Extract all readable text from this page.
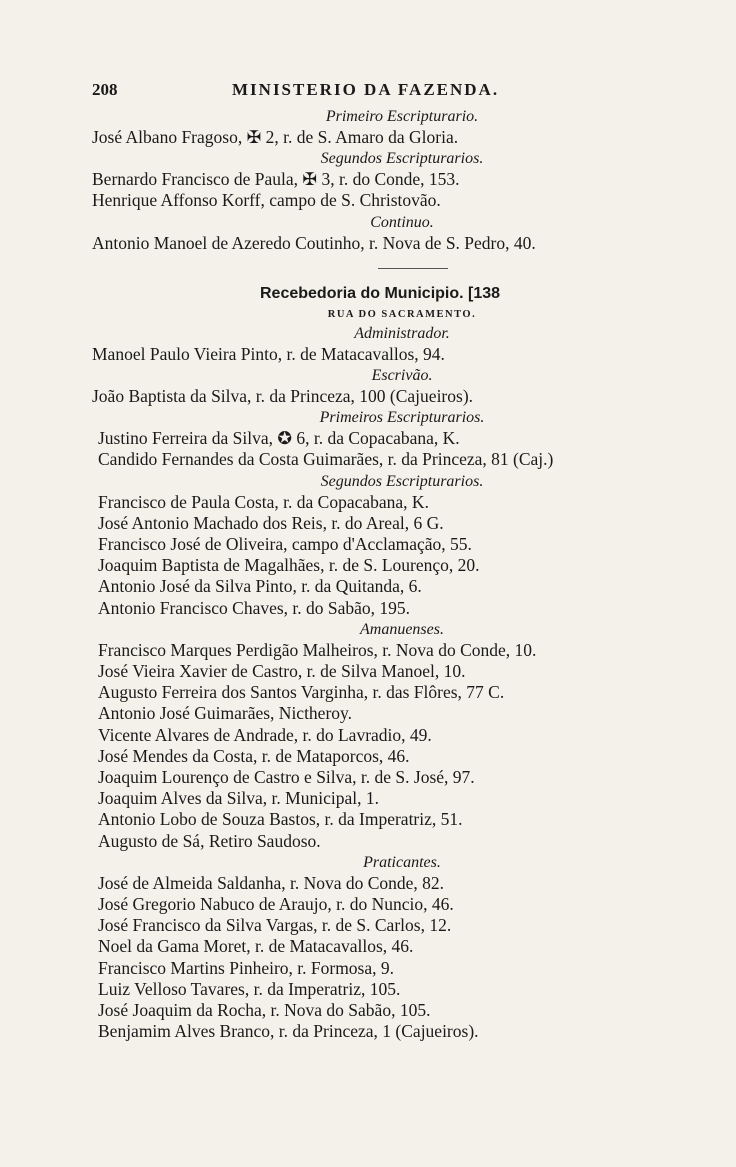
208	MINISTERIO DA FAZENDA.
Primeiro Escripturario.
José Albano Fragoso, ✠ 2, r. de S. Amaro da Gloria.
Segundos Escripturarios.
Bernardo Francisco de Paula, ✠ 3, r. do Conde, 153.
Henrique Affonso Korff, campo de S. Christovão.
Continuo.
Antonio Manoel de Azeredo Coutinho, r. Nova de S. Pedro, 40.
Recebedoria do Municipio. [138
RUA DO SACRAMENTO.
Administrador.
Manoel Paulo Vieira Pinto, r. de Matacavallos, 94.
Escrivão.
João Baptista da Silva, r. da Princeza, 100 (Cajueiros).
Primeiros Escripturarios.
Justino Ferreira da Silva, ✪ 6, r. da Copacabana, K.
Candido Fernandes da Costa Guimarães, r. da Princeza, 81 (Caj.)
Segundos Escripturarios.
Francisco de Paula Costa, r. da Copacabana, K.
José Antonio Machado dos Reis, r. do Areal, 6 G.
Francisco José de Oliveira, campo d'Acclamação, 55.
Joaquim Baptista de Magalhães, r. de S. Lourenço, 20.
Antonio José da Silva Pinto, r. da Quitanda, 6.
Antonio Francisco Chaves, r. do Sabão, 195.
Amanuenses.
Francisco Marques Perdigão Malheiros, r. Nova do Conde, 10.
José Vieira Xavier de Castro, r. de Silva Manoel, 10.
Augusto Ferreira dos Santos Varginha, r. das Flôres, 77 C.
Antonio José Guimarães, Nictheroy.
Vicente Alvares de Andrade, r. do Lavradio, 49.
José Mendes da Costa, r. de Mataporcos, 46.
Joaquim Lourenço de Castro e Silva, r. de S. José, 97.
Joaquim Alves da Silva, r. Municipal, 1.
Antonio Lobo de Souza Bastos, r. da Imperatriz, 51.
Augusto de Sá, Retiro Saudoso.
Praticantes.
José de Almeida Saldanha, r. Nova do Conde, 82.
José Gregorio Nabuco de Araujo, r. do Nuncio, 46.
José Francisco da Silva Vargas, r. de S. Carlos, 12.
Noel da Gama Moret, r. de Matacavallos, 46.
Francisco Martins Pinheiro, r. Formosa, 9.
Luiz Velloso Tavares, r. da Imperatriz, 105.
José Joaquim da Rocha, r. Nova do Sabão, 105.
Benjamim Alves Branco, r. da Princeza, 1 (Cajueiros).
